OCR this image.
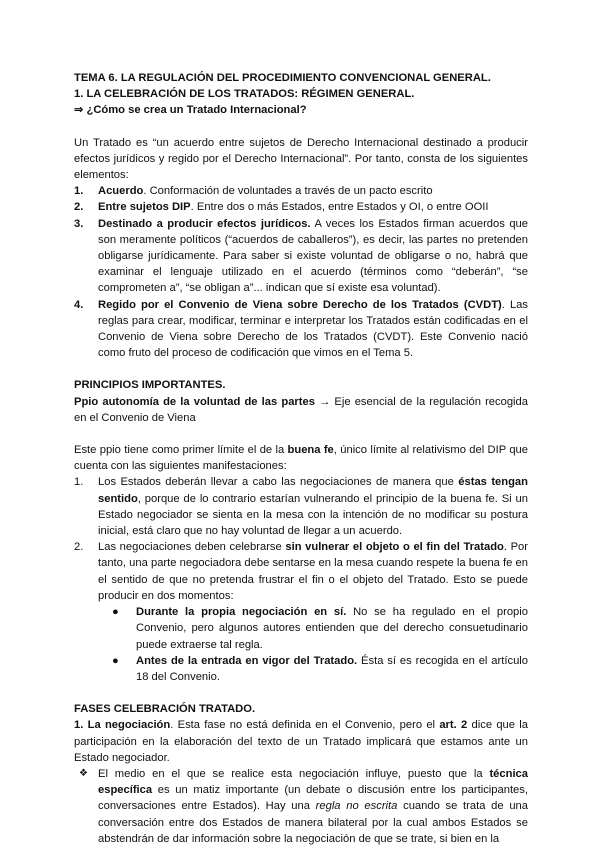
TEMA 6. LA REGULACIÓN DEL PROCEDIMIENTO CONVENCIONAL GENERAL.

1. LA CELEBRACIÓN DE LOS TRATADOS: RÉGIMEN GENERAL.

⇒ ¿Cómo se crea un Tratado Internacional?

Un Tratado es “un acuerdo entre sujetos de Derecho Internacional destinado a producir efectos jurídicos y regido por el Derecho Internacional”. Por tanto, consta de los siguientes elementos:

1. Acuerdo. Conformación de voluntades a través de un pacto escrito
2. Entre sujetos DIP. Entre dos o más Estados, entre Estados y OI, o entre OOII
3. Destinado a producir efectos jurídicos. A veces los Estados firman acuerdos que son meramente políticos (“acuerdos de caballeros”), es decir, las partes no pretenden obligarse jurídicamente. Para saber si existe voluntad de obligarse o no, habrá que examinar el lenguaje utilizado en el acuerdo (términos como “deberán”, “se comprometen a”, “se obligan a”... indican que sí existe esa voluntad).
4. Regido por el Convenio de Viena sobre Derecho de los Tratados (CVDT). Las reglas para crear, modificar, terminar e interpretar los Tratados están codificadas en el Convenio de Viena sobre Derecho de los Tratados (CVDT). Este Convenio nació como fruto del proceso de codificación que vimos en el Tema 5.

PRINCIPIOS IMPORTANTES.

Ppio autonomía de la voluntad de las partes → Eje esencial de la regulación recogida en el Convenio de Viena

Este ppio tiene como primer límite el de la buena fe, único límite al relativismo del DIP que cuenta con las siguientes manifestaciones:

1. Los Estados deberán llevar a cabo las negociaciones de manera que éstas tengan sentido, porque de lo contrario estarían vulnerando el principio de la buena fe. Si un Estado negociador se sienta en la mesa con la intención de no modificar su postura inicial, está claro que no hay voluntad de llegar a un acuerdo.
2. Las negociaciones deben celebrarse sin vulnerar el objeto o el fin del Tratado. Por tanto, una parte negociadora debe sentarse en la mesa cuando respete la buena fe en el sentido de que no pretenda frustrar el fin o el objeto del Tratado. Esto se puede producir en dos momentos:
● Durante la propia negociación en sí. No se ha regulado en el propio Convenio, pero algunos autores entienden que del derecho consuetudinario puede extraerse tal regla.
● Antes de la entrada en vigor del Tratado. Ésta sí es recogida en el artículo 18 del Convenio.

FASES CELEBRACIÓN TRATADO.

1. La negociación. Esta fase no está definida en el Convenio, pero el art. 2 dice que la participación en la elaboración del texto de un Tratado implicará que estamos ante un Estado negociador.

❖ El medio en el que se realice esta negociación influye, puesto que la técnica específica es un matiz importante (un debate o discusión entre los participantes, conversaciones entre Estados). Hay una regla no escrita cuando se trata de una conversación entre dos Estados de manera bilateral por la cual ambos Estados se abstendrán de dar información sobre la negociación de que se trate, si bien en la
